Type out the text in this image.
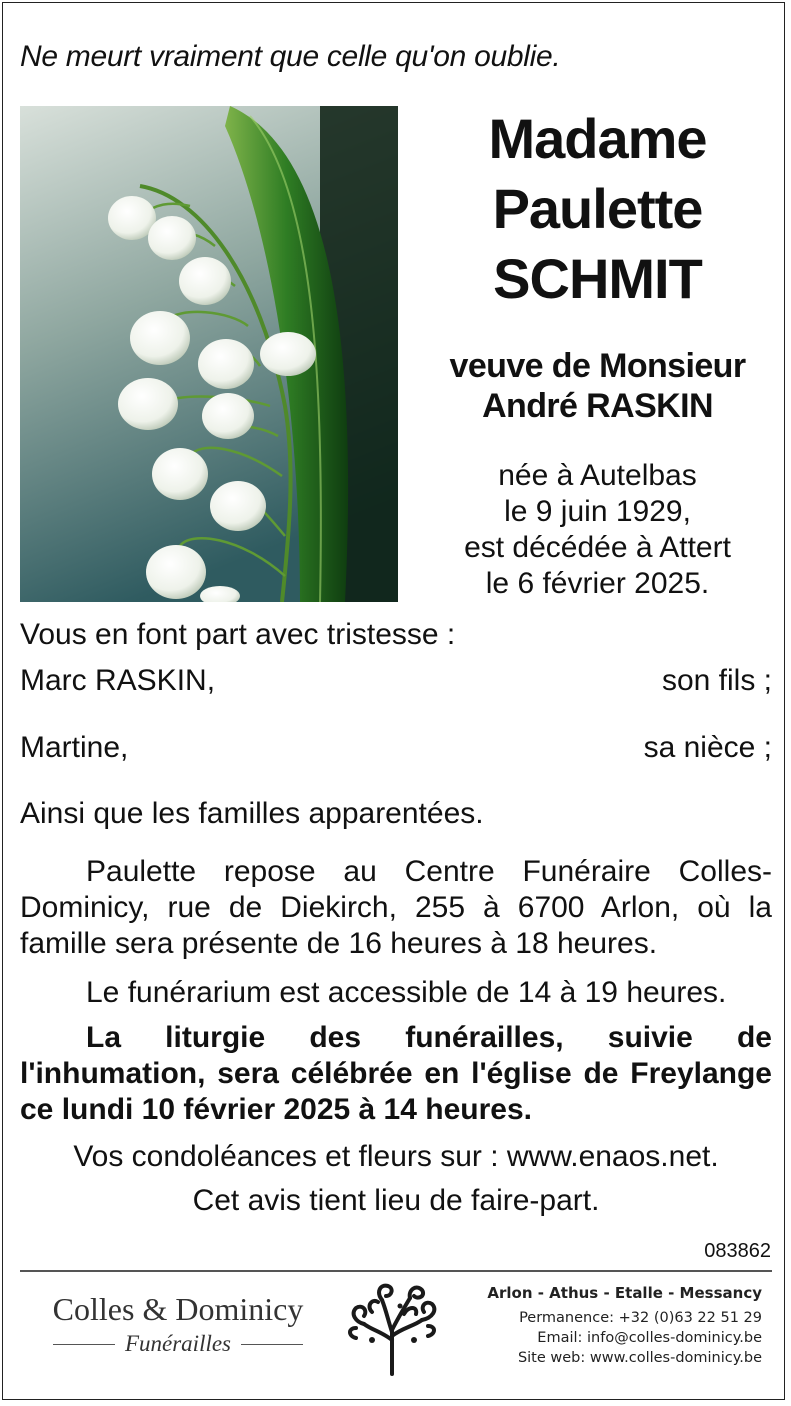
Ne meurt vraiment que celle qu'on oublie.
Madame
Paulette
SCHMIT
veuve de Monsieur
André RASKIN
née à Autelbas
le 9 juin 1929,
est décédée à Attert
le 6 février 2025.
Vous en font part avec tristesse :
Marc RASKIN,	son fils ;
Martine,	sa nièce ;
Ainsi que les familles apparentées.
Paulette repose au Centre Funéraire Colles-Dominicy, rue de Diekirch, 255 à 6700 Arlon, où la famille sera présente de 16 heures à 18 heures.
Le funérarium est accessible de 14 à 19 heures.
La liturgie des funérailles, suivie de l'inhumation, sera célébrée en l'église de Freylange ce lundi 10 février 2025 à 14 heures.
Vos condoléances et fleurs sur : www.enaos.net.
Cet avis tient lieu de faire-part.
083862
Colles & Dominicy
Funérailles
Arlon - Athus - Etalle - Messancy
Permanence: +32 (0)63 22 51 29
Email: info@colles-dominicy.be
Site web: www.colles-dominicy.be
